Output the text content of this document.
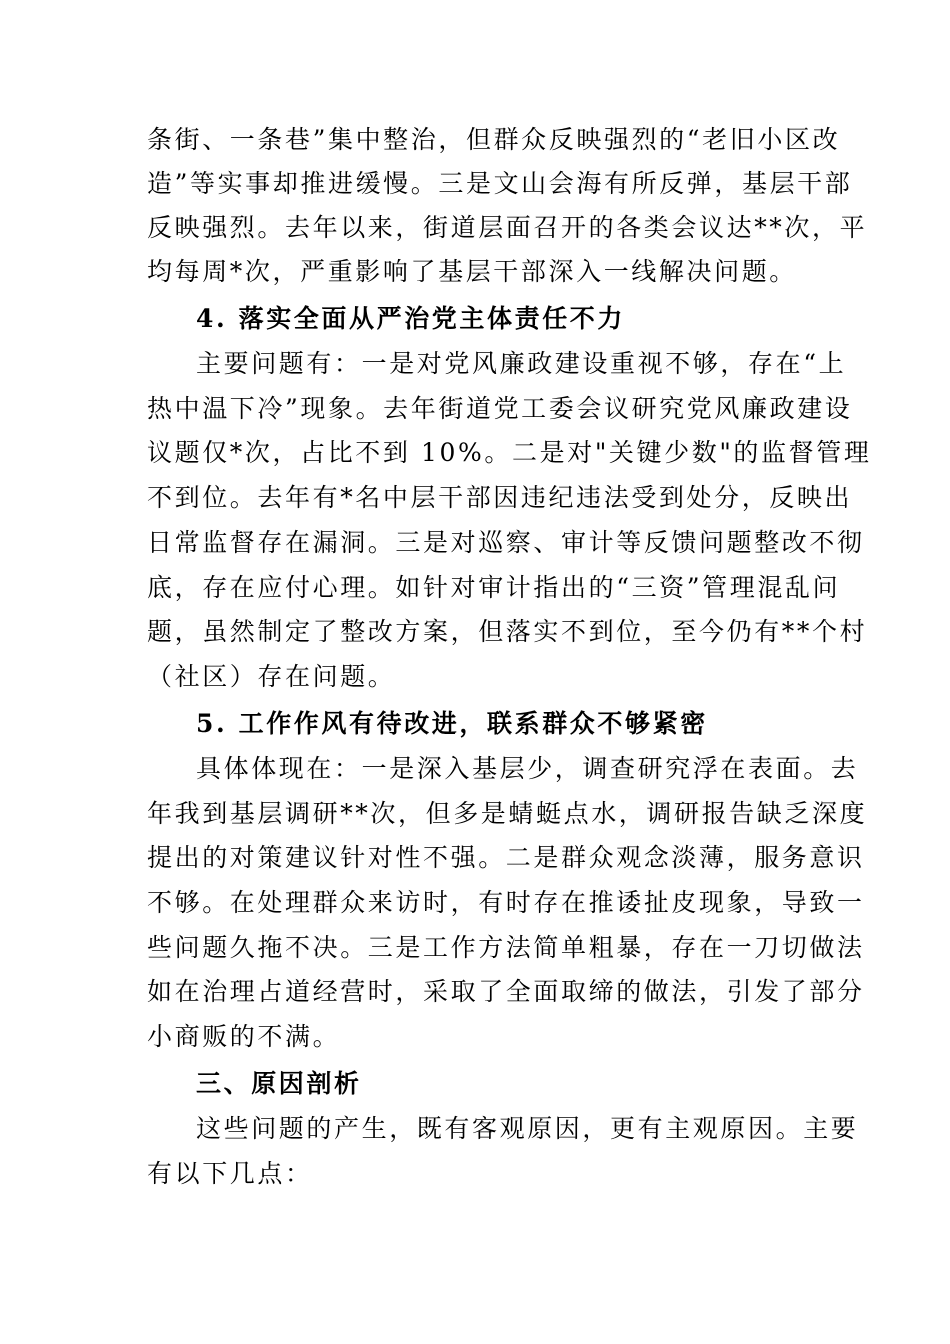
条街、一条巷”集中整治，但群众反映强烈的“老旧小区改
造”等实事却推进缓慢。三是文山会海有所反弹，基层干部
反映强烈。去年以来，街道层面召开的各类会议达**次，平
均每周*次，严重影响了基层干部深入一线解决问题。
4. 落实全面从严治党主体责任不力
主要问题有：一是对党风廉政建设重视不够，存在“上
热中温下冷”现象。去年街道党工委会议研究党风廉政建设
议题仅*次，占比不到 10%。二是对"关键少数"的监督管理
不到位。去年有*名中层干部因违纪违法受到处分，反映出
日常监督存在漏洞。三是对巡察、审计等反馈问题整改不彻
底，存在应付心理。如针对审计指出的“三资”管理混乱问
题，虽然制定了整改方案，但落实不到位，至今仍有**个村
（社区）存在问题。
5. 工作作风有待改进，联系群众不够紧密
具体体现在：一是深入基层少，调查研究浮在表面。去
年我到基层调研**次，但多是蜻蜓点水，调研报告缺乏深度
提出的对策建议针对性不强。二是群众观念淡薄，服务意识
不够。在处理群众来访时，有时存在推诿扯皮现象，导致一
些问题久拖不决。三是工作方法简单粗暴，存在一刀切做法
如在治理占道经营时，采取了全面取缔的做法，引发了部分
小商贩的不满。
三、原因剖析
这些问题的产生，既有客观原因，更有主观原因。主要
有以下几点：
